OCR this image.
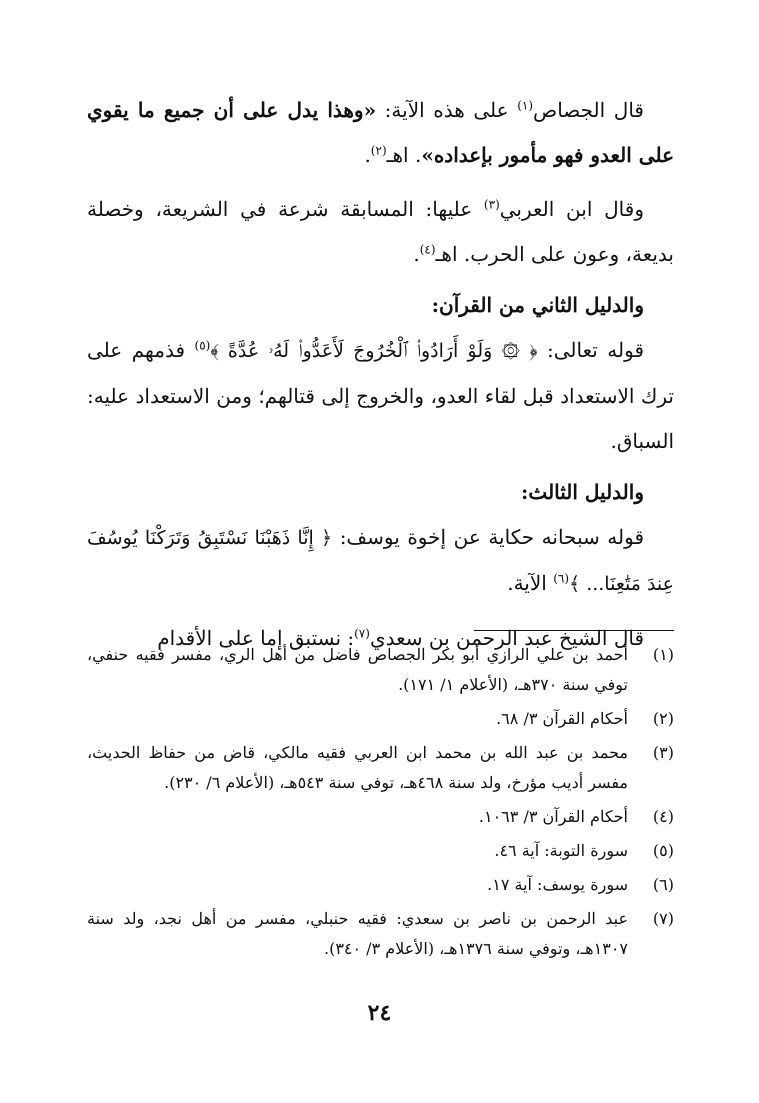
قال الجصاص$^{(١)}$ على هذه الآية: «وهذا يدل على أن جميع ما يقوي على العدو فهو مأمور بإعداده». اهـ$^{(٢)}$.

وقال ابن العربي$^{(٣)}$ عليها: المسابقة شرعة في الشريعة، وخصلة بديعة، وعون على الحرب. اهـ$^{(٤)}$.

والدليل الثاني من القرآن:

قوله تعالى: ﴿ ۞ وَلَوْ أَرَادُوا۟ ٱلْخُرُوجَ لَأَعَدُّوا۟ لَهُۥ عُدَّةً ﴾$^{(٥)}$ فذمهم على ترك الاستعداد قبل لقاء العدو، والخروج إلى قتالهم؛ ومن الاستعداد عليه: السباق.

والدليل الثالث:

قوله سبحانه حكاية عن إخوة يوسف: ﴿ إِنَّا ذَهَبْنَا نَسْتَبِقُ وَتَرَكْنَا يُوسُفَ عِندَ مَتَٰعِنَا... ﴾$^{(٦)}$ الآية.

قال الشيخ عبد الرحمن بن سعدي$^{(٧)}$: نستبق إما على الأقدام

(١)
أحمد بن علي الرازي أبو بكر الجصاص فاضل من أهل الري، مفسر فقيه حنفي، توفي سنة ٣٧٠هـ، (الأعلام ١/ ١٧١).
(٢)
أحكام القرآن ٣/ ٦٨.
(٣)
محمد بن عبد الله بن محمد ابن العربي فقيه مالكي، قاض من حفاظ الحديث، مفسر أديب مؤرخ، ولد سنة ٤٦٨هـ، توفي سنة ٥٤٣هـ، (الأعلام ٦/ ٢٣٠).
(٤)
أحكام القرآن ٣/ ١٠٦٣.
(٥)
سورة التوبة: آية ٤٦.
(٦)
سورة يوسف: آية ١٧.
(٧)
عبد الرحمن بن ناصر بن سعدي: فقيه حنبلي، مفسر من أهل نجد، ولد سنة ١٣٠٧هـ، وتوفي سنة ١٣٧٦هـ، (الأعلام ٣/ ٣٤٠).
٢٤
